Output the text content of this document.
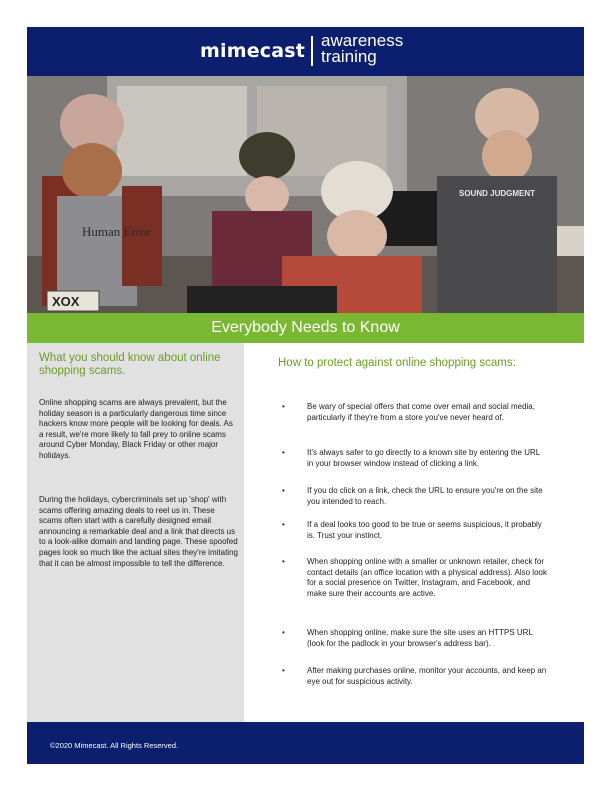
mimecast awareness
training
Human Error
SOUND JUDGMENT
XOX
Everybody Needs to Know
What you should know about online shopping scams.
Online shopping scams are always prevalent, but the holiday season is a particularly dangerous time since hackers know more people will be looking for deals. As a result, we're more likely to fall prey to online scams around Cyber Monday, Black Friday or other major holidays.
During the holidays, cybercriminals set up 'shop' with scams offering amazing deals to reel us in. These scams often start with a carefully designed email announcing a remarkable deal and a link that directs us to a look-alike domain and landing page. These spoofed pages look so much like the actual sites they're imitating that it can be almost impossible to tell the difference.
How to protect against online shopping scams:
•	Be wary of special offers that come over email and social media, particularly if they're from a store you've never heard of.
•	It's always safer to go directly to a known site by entering the URL in your browser window instead of clicking a link.
•	If you do click on a link, check the URL to ensure you're on the site you intended to reach.
•	If a deal looks too good to be true or seems suspicious, it probably is. Trust your instinct.
•	When shopping online with a smaller or unknown retailer, check for contact details (an office location with a physical address). Also look for a social presence on Twitter, Instagram, and Facebook, and make sure their accounts are active.
•	When shopping online, make sure the site uses an HTTPS URL (look for the padlock in your browser's address bar).
•	After making purchases online, monitor your accounts, and keep an eye out for suspicious activity.
©2020 Mimecast. All Rights Reserved.
